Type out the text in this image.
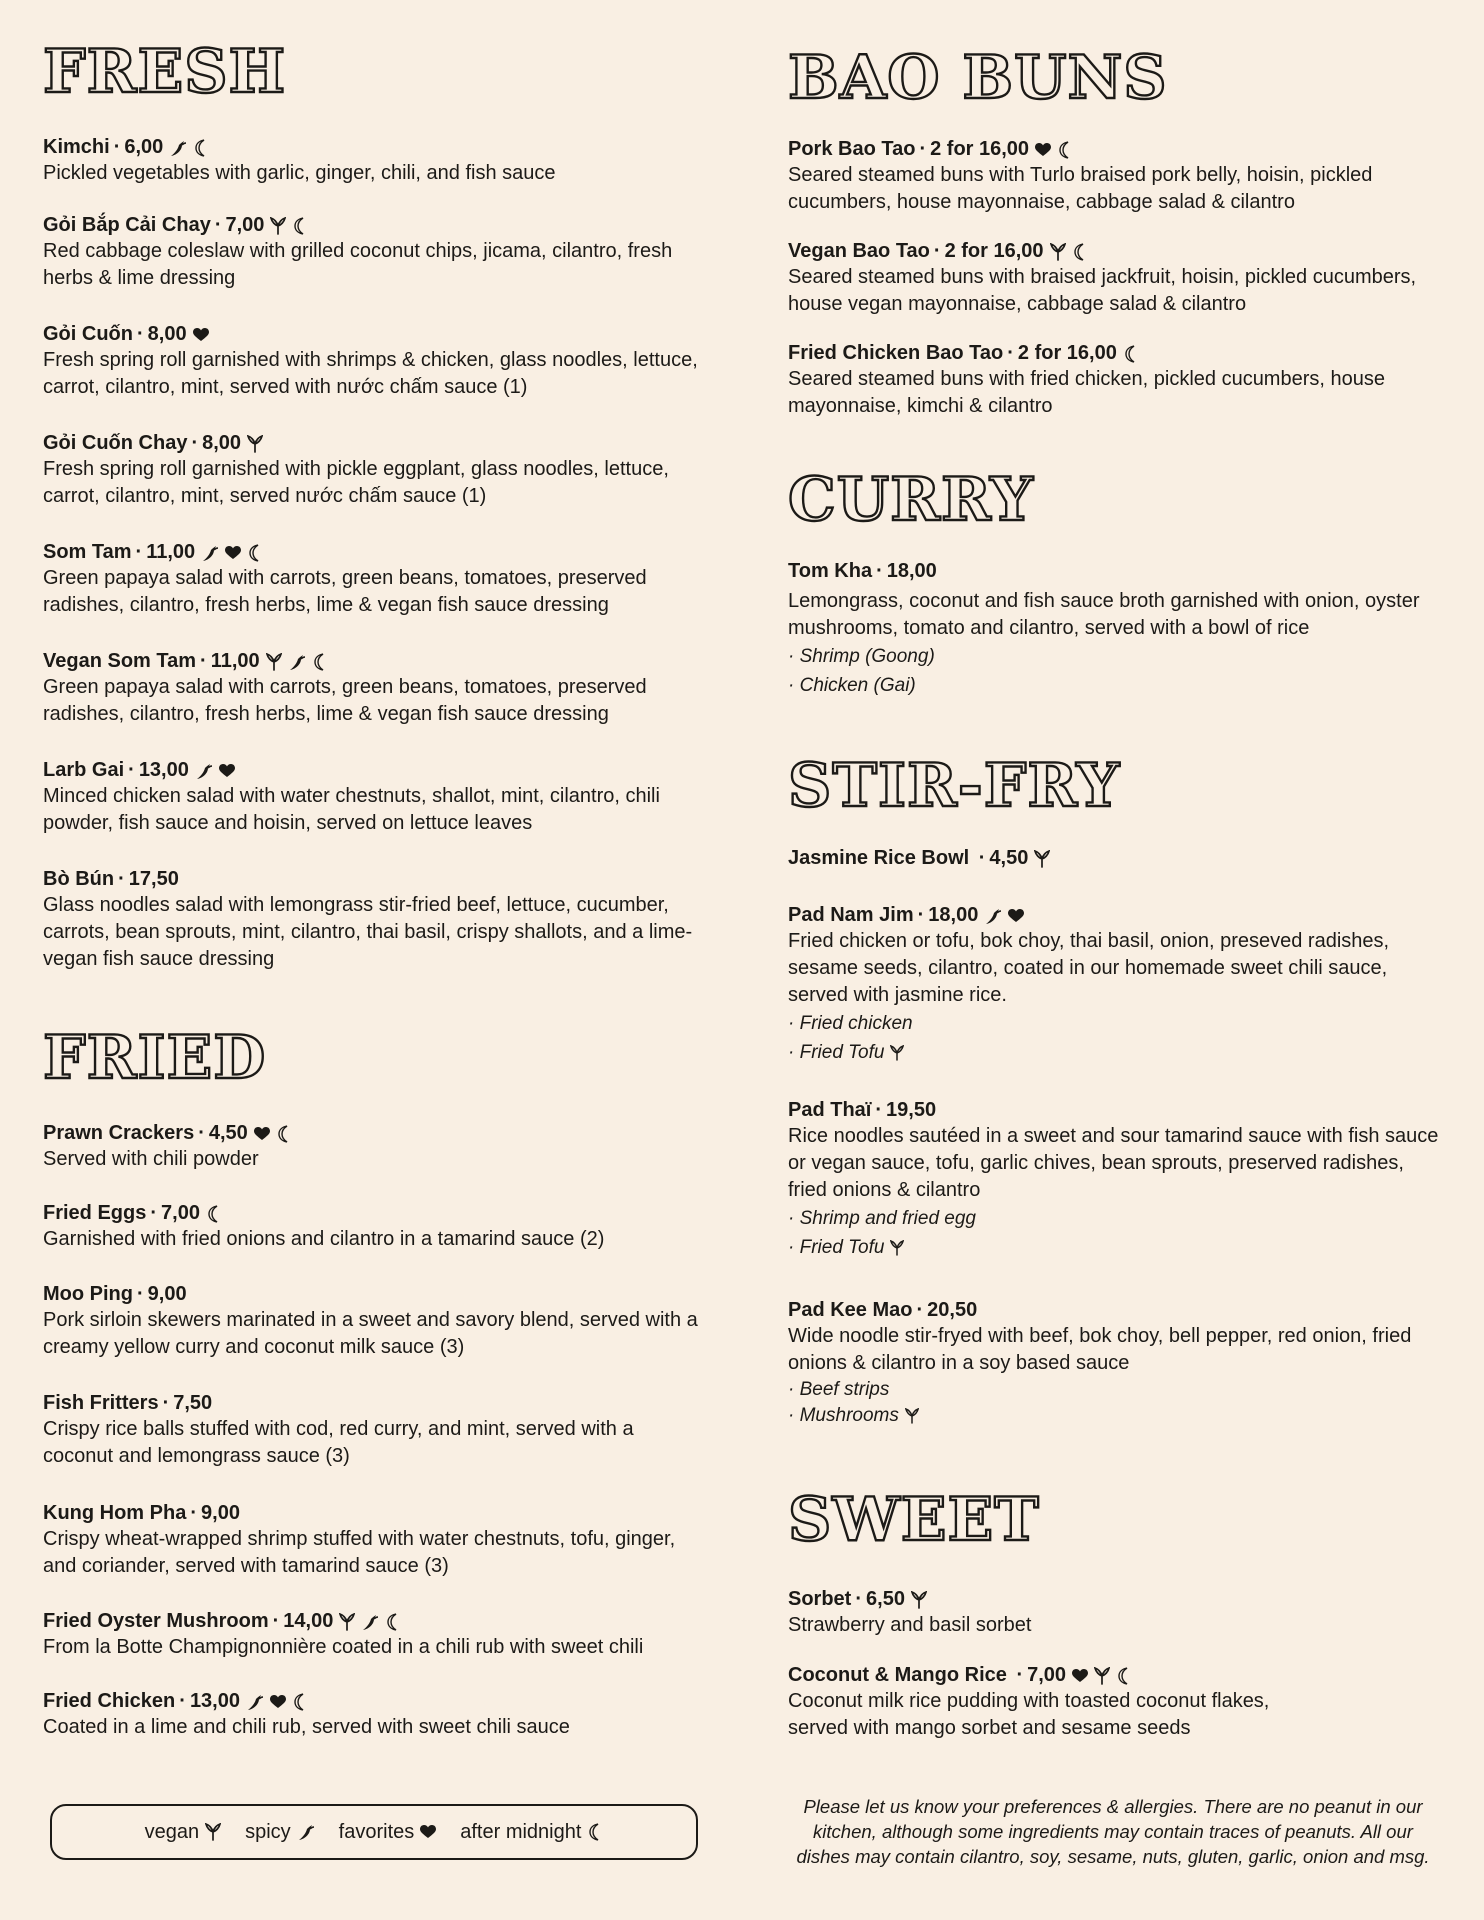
FRESH
Kimchi · 6,00
Pickled vegetables with garlic, ginger, chili, and fish sauce
Gỏi Bắp Cải Chay · 7,00
Red cabbage coleslaw with grilled coconut chips, jicama, cilantro, fresh herbs & lime dressing
Gỏi Cuốn · 8,00
Fresh spring roll garnished with shrimps & chicken, glass noodles, lettuce, carrot, cilantro, mint, served with nước chấm sauce (1)
Gỏi Cuốn Chay · 8,00
Fresh spring roll garnished with pickle eggplant, glass noodles, lettuce, carrot, cilantro, mint, served nước chấm sauce (1)
Som Tam · 11,00
Green papaya salad with carrots, green beans, tomatoes, preserved radishes, cilantro, fresh herbs, lime & vegan fish sauce dressing
Vegan Som Tam · 11,00
Green papaya salad with carrots, green beans, tomatoes, preserved radishes, cilantro, fresh herbs, lime & vegan fish sauce dressing
Larb Gai · 13,00
Minced chicken salad with water chestnuts, shallot, mint, cilantro, chili powder, fish sauce and hoisin, served on lettuce leaves
Bò Bún · 17,50
Glass noodles salad with lemongrass stir-fried beef, lettuce, cucumber, carrots, bean sprouts, mint, cilantro, thai basil, crispy shallots, and a lime-vegan fish sauce dressing
FRIED
Prawn Crackers · 4,50
Served with chili powder
Fried Eggs · 7,00
Garnished with fried onions and cilantro in a tamarind sauce (2)
Moo Ping · 9,00
Pork sirloin skewers marinated in a sweet and savory blend, served with a creamy yellow curry and coconut milk sauce (3)
Fish Fritters · 7,50
Crispy rice balls stuffed with cod, red curry, and mint, served with a coconut and lemongrass sauce (3)
Kung Hom Pha · 9,00
Crispy wheat-wrapped shrimp stuffed with water chestnuts, tofu, ginger, and coriander, served with tamarind sauce (3)
Fried Oyster Mushroom · 14,00
From la Botte Champignonnière coated in a chili rub with sweet chili
Fried Chicken · 13,00
Coated in a lime and chili rub, served with sweet chili sauce
BAO BUNS
Pork Bao Tao · 2 for 16,00
Seared steamed buns with Turlo braised pork belly, hoisin, pickled cucumbers, house mayonnaise, cabbage salad & cilantro
Vegan Bao Tao · 2 for 16,00
Seared steamed buns with braised jackfruit, hoisin, pickled cucumbers, house vegan mayonnaise, cabbage salad & cilantro
Fried Chicken Bao Tao · 2 for 16,00
Seared steamed buns with fried chicken, pickled cucumbers, house mayonnaise, kimchi & cilantro
CURRY
Tom Kha · 18,00
Lemongrass, coconut and fish sauce broth garnished with onion, oyster mushrooms, tomato and cilantro, served with a bowl of rice
· Shrimp (Goong)
· Chicken (Gai)
STIR-FRY
Jasmine Rice Bowl · 4,50
Pad Nam Jim · 18,00
Fried chicken or tofu, bok choy, thai basil, onion, preseved radishes, sesame seeds, cilantro, coated in our homemade sweet chili sauce, served with jasmine rice.
· Fried chicken
· Fried Tofu
Pad Thaï · 19,50
Rice noodles sautéed in a sweet and sour tamarind sauce with fish sauce or vegan sauce, tofu, garlic chives, bean sprouts, preserved radishes, fried onions & cilantro
· Shrimp and fried egg
· Fried Tofu
Pad Kee Mao · 20,50
Wide noodle stir-fryed with beef, bok choy, bell pepper, red onion, fried onions & cilantro in a soy based sauce
· Beef strips
· Mushrooms
SWEET
Sorbet · 6,50
Strawberry and basil sorbet
Coconut & Mango Rice · 7,00
Coconut milk rice pudding with toasted coconut flakes, served with mango sorbet and sesame seeds
vegan spicy favorites after midnight
Please let us know your preferences & allergies. There are no peanut in our kitchen, although some ingredients may contain traces of peanuts. All our dishes may contain cilantro, soy, sesame, nuts, gluten, garlic, onion and msg.
